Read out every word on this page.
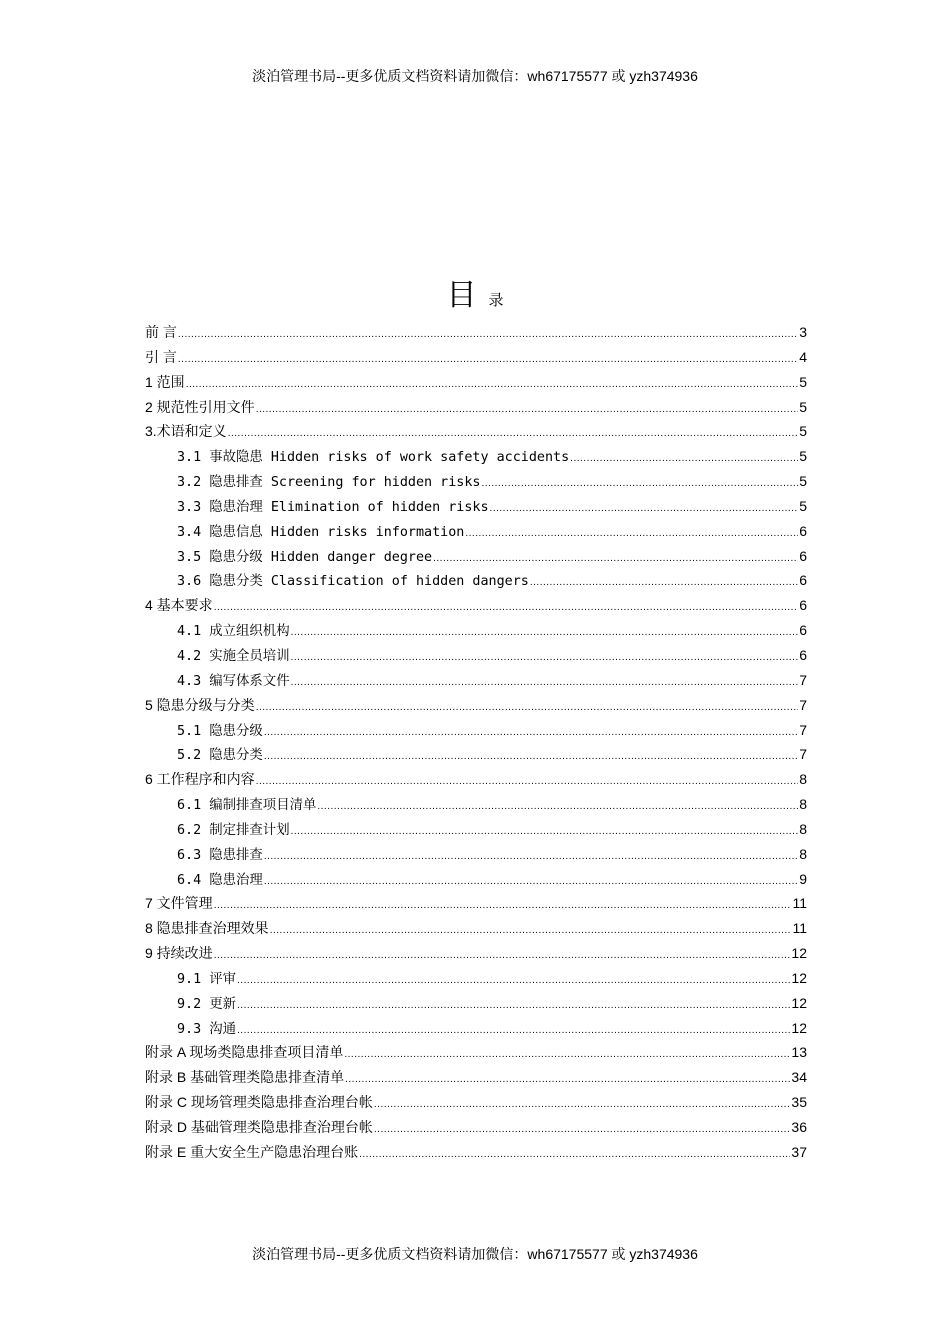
淡泊管理书局--更多优质文档资料请加微信：wh67175577 或 yzh374936
目录
前 言 .....	3
引 言 .....	4
1 范围 .....	5
2 规范性引用文件 .....	5
3.术语和定义 .....	5
3.1 事故隐患 Hidden risks of work safety accidents .....	5
3.2 隐患排查 Screening for hidden risks .....	5
3.3 隐患治理 Elimination of hidden risks .....	5
3.4 隐患信息 Hidden risks information .....	6
3.5 隐患分级 Hidden danger degree .....	6
3.6 隐患分类 Classification of hidden dangers .....	6
4 基本要求 .....	6
4.1 成立组织机构 .....	6
4.2 实施全员培训 .....	6
4.3 编写体系文件 .....	7
5 隐患分级与分类 .....	7
5.1 隐患分级 .....	7
5.2 隐患分类 .....	7
6 工作程序和内容 .....	8
6.1 编制排查项目清单 .....	8
6.2 制定排查计划 .....	8
6.3 隐患排查 .....	8
6.4 隐患治理 .....	9
7 文件管理 .....	11
8 隐患排查治理效果 .....	11
9 持续改进 .....	12
9.1 评审 .....	12
9.2 更新 .....	12
9.3 沟通 .....	12
附录 A 现场类隐患排查项目清单 .....	13
附录 B 基础管理类隐患排查清单 .....	34
附录 C 现场管理类隐患排查治理台帐 .....	35
附录 D 基础管理类隐患排查治理台帐 .....	36
附录 E 重大安全生产隐患治理台账 .....	37
淡泊管理书局--更多优质文档资料请加微信：wh67175577 或 yzh374936
